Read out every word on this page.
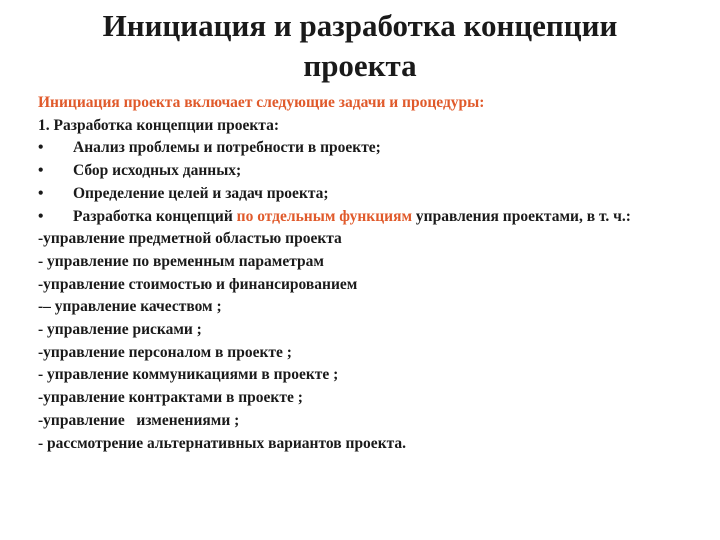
Инициация и разработка концепции
проекта
Инициация проекта включает следующие задачи и процедуры:
1. Разработка концепции проекта:
•	Анализ проблемы и потребности в проекте;
•	Сбор исходных данных;
•	Определение целей и задач проекта;
• Разработка концепций по отдельным функциям управления проектами, в т. ч.:
-управление предметной областью проекта
- управление по временным параметрам
-управление стоимостью и финансированием
-– управление качеством ;
- управление рисками ;
-управление персоналом в проекте ;
- управление коммуникациями в проекте ;
-управление контрактами в проекте ;
-управление   изменениями ;
- рассмотрение альтернативных вариантов проекта.
